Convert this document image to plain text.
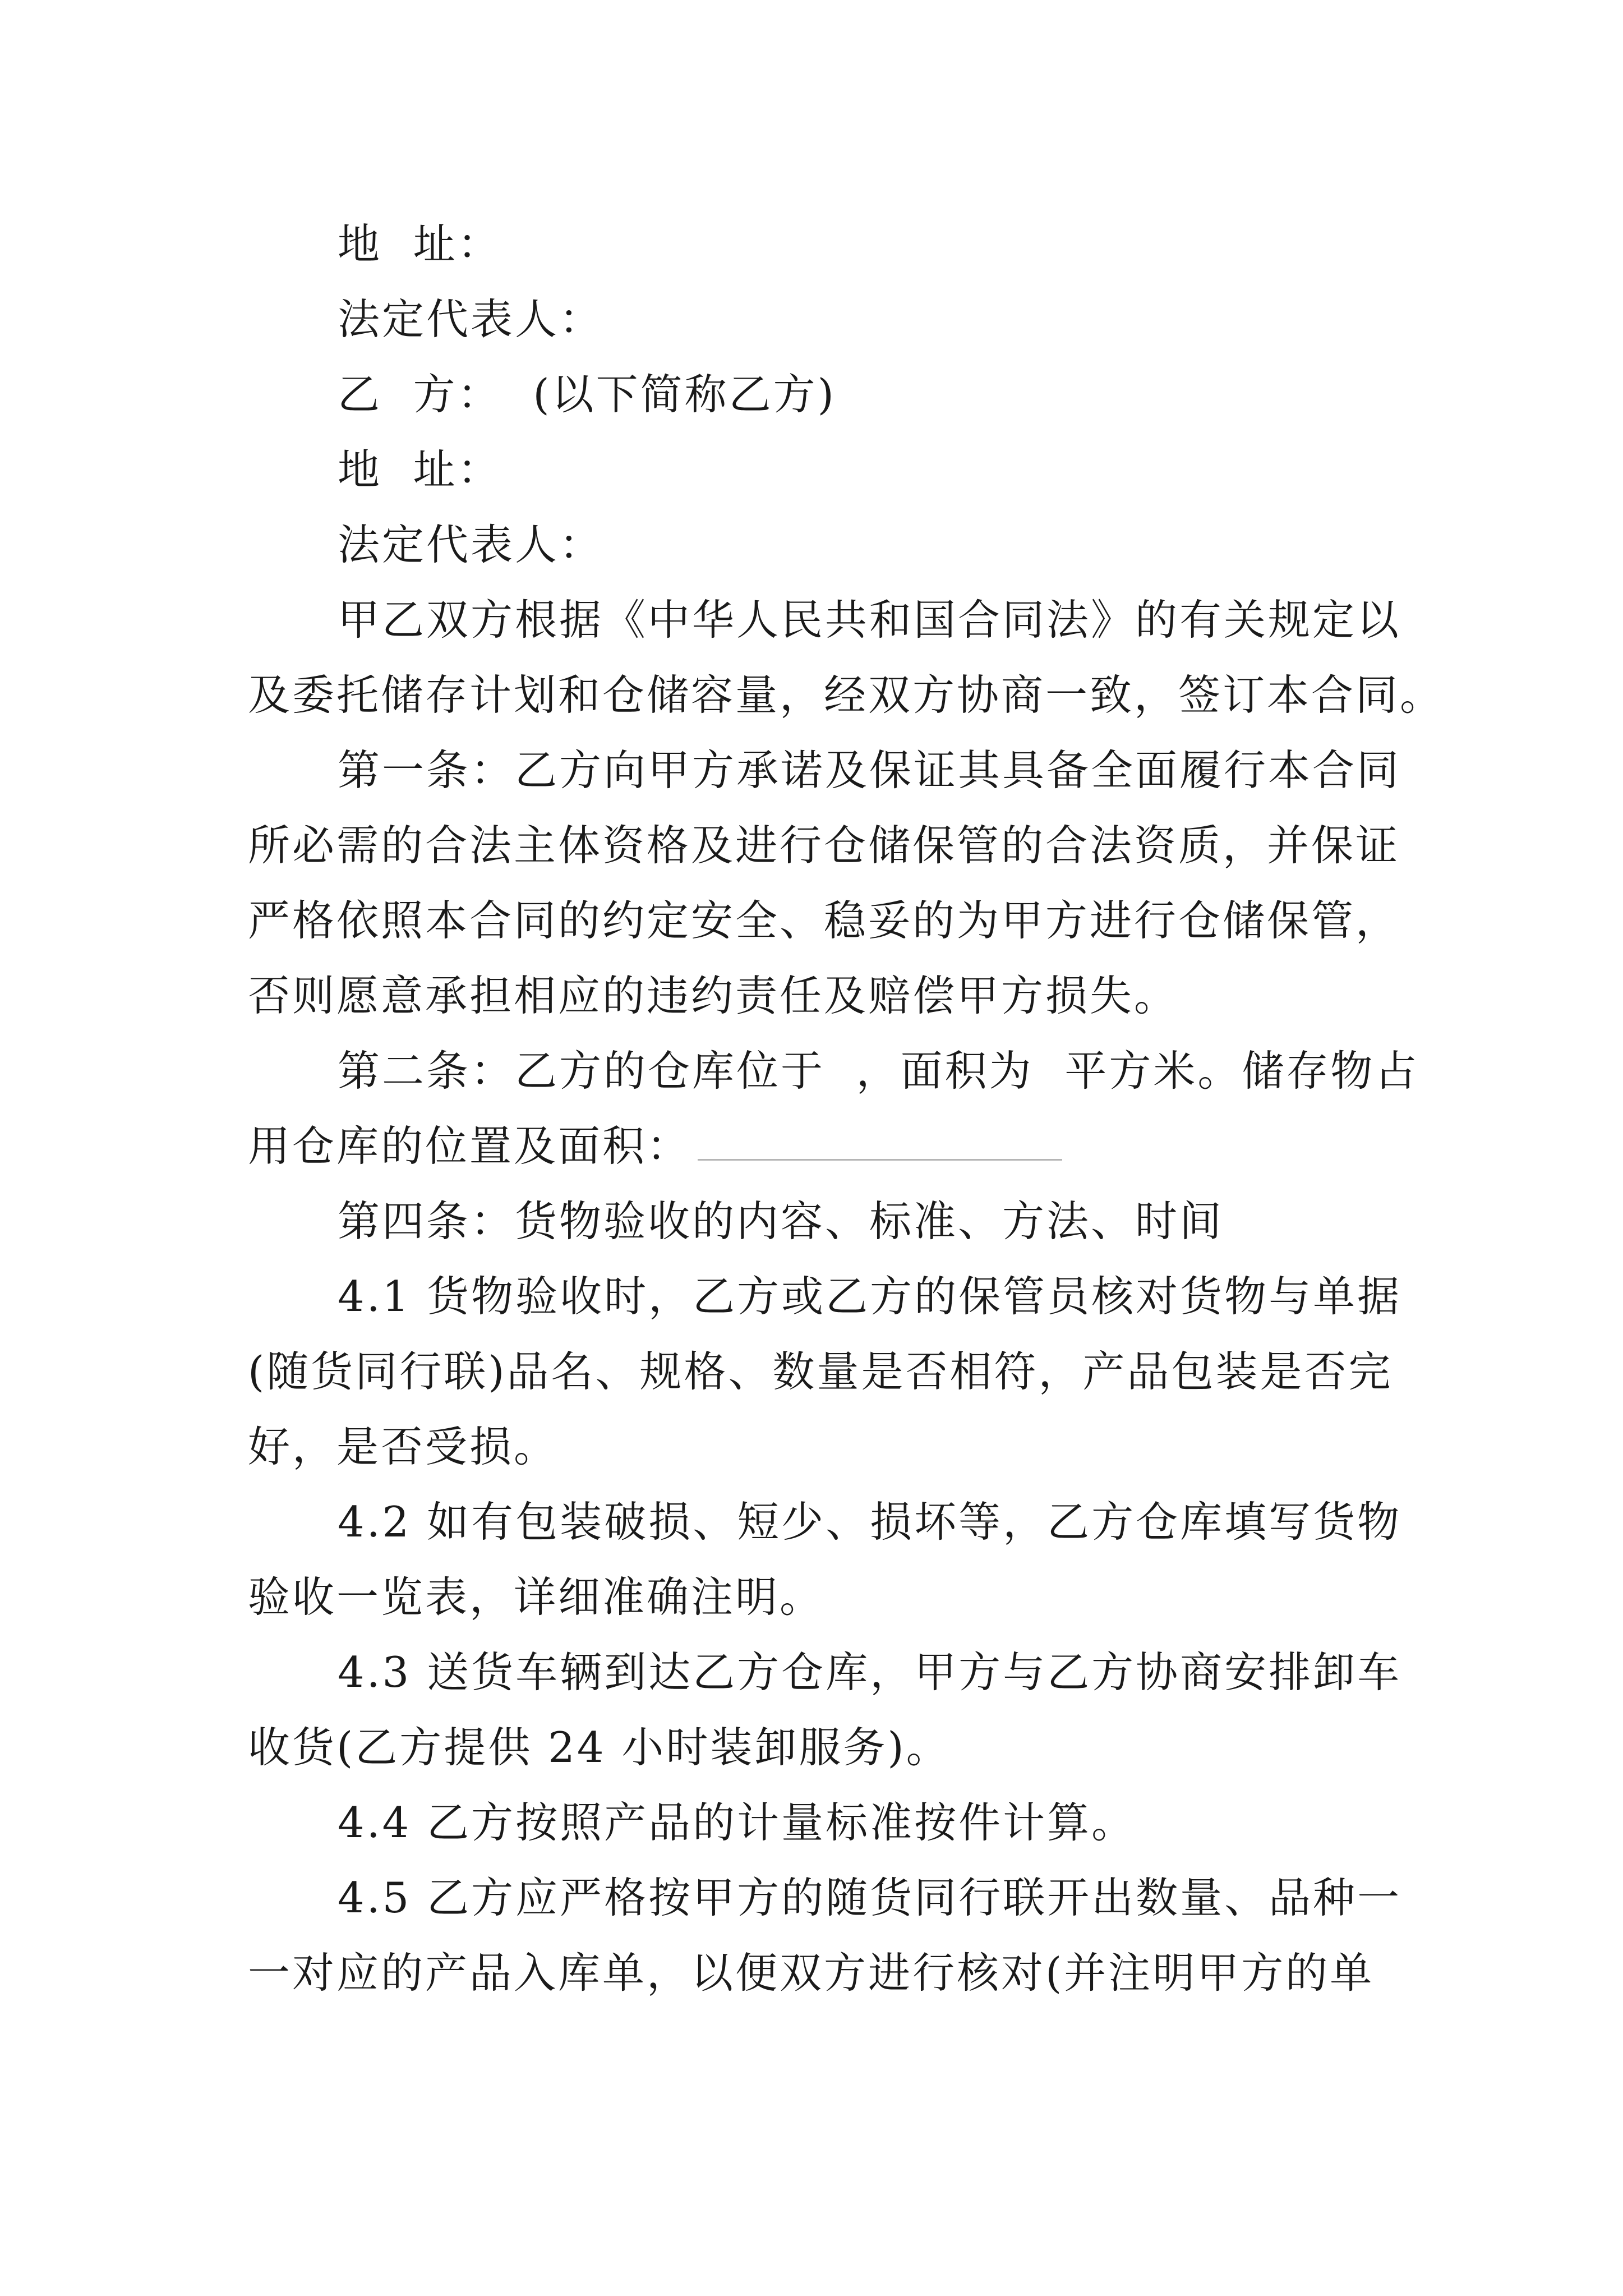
地  址：
法定代表人：
乙  方：  (以下简称乙方)
地  址：
法定代表人：
甲乙双方根据《中华人民共和国合同法》的有关规定以
及委托储存计划和仓储容量，经双方协商一致，签订本合同。
第一条：乙方向甲方承诺及保证其具备全面履行本合同
所必需的合法主体资格及进行仓储保管的合法资质，并保证
严格依照本合同的约定安全、稳妥的为甲方进行仓储保管，
否则愿意承担相应的违约责任及赔偿甲方损失。
第二条：乙方的仓库位于  ，面积为  平方米。储存物占
用仓库的位置及面积：
第四条：货物验收的内容、标准、方法、时间
4.1 货物验收时，乙方或乙方的保管员核对货物与单据
(随货同行联)品名、规格、数量是否相符，产品包装是否完
好，是否受损。
4.2 如有包装破损、短少、损坏等，乙方仓库填写货物
验收一览表，详细准确注明。
4.3 送货车辆到达乙方仓库，甲方与乙方协商安排卸车
收货(乙方提供 24 小时装卸服务)。
4.4 乙方按照产品的计量标准按件计算。
4.5 乙方应严格按甲方的随货同行联开出数量、品种一
一对应的产品入库单，以便双方进行核对(并注明甲方的单
